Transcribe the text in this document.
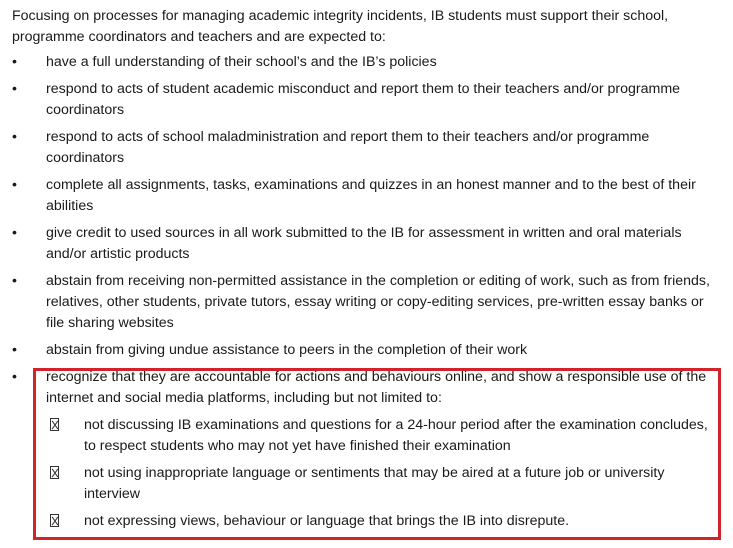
Focusing on processes for managing academic integrity incidents, IB students must support their school, programme coordinators and teachers and are expected to:

•	have a full understanding of their school’s and the IB’s policies
•	respond to acts of student academic misconduct and report them to their teachers and/or programme coordinators
•	respond to acts of school maladministration and report them to their teachers and/or programme coordinators
•	complete all assignments, tasks, examinations and quizzes in an honest manner and to the best of their abilities
•	give credit to used sources in all work submitted to the IB for assessment in written and oral materials and/or artistic products
•	abstain from receiving non-permitted assistance in the completion or editing of work, such as from friends, relatives, other students, private tutors, essay writing or copy-editing services, pre-written essay banks or file sharing websites
•	abstain from giving undue assistance to peers in the completion of their work
•	recognize that they are accountable for actions and behaviours online, and show a responsible use of the internet and social media platforms, including but not limited to:
not discussing IB examinations and questions for a 24-hour period after the examination concludes, to respect students who may not yet have finished their examination
not using inappropriate language or sentiments that may be aired at a future job or university interview
not expressing views, behaviour or language that brings the IB into disrepute.
